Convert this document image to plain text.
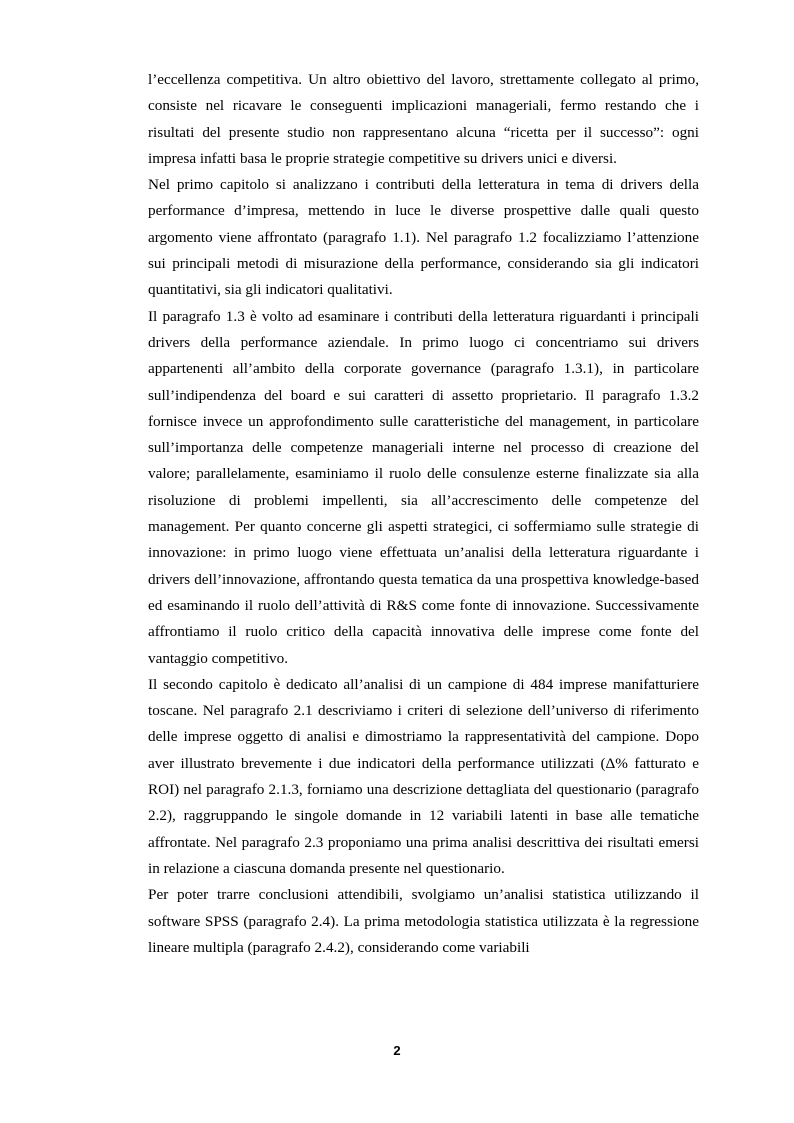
l’eccellenza competitiva. Un altro obiettivo del lavoro, strettamente collegato al primo, consiste nel ricavare le conseguenti implicazioni manageriali, fermo restando che i risultati del presente studio non rappresentano alcuna “ricetta per il successo”: ogni impresa infatti basa le proprie strategie competitive su drivers unici e diversi.

Nel primo capitolo si analizzano i contributi della letteratura in tema di drivers della performance d’impresa, mettendo in luce le diverse prospettive dalle quali questo argomento viene affrontato (paragrafo 1.1). Nel paragrafo 1.2 focalizziamo l’attenzione sui principali metodi di misurazione della performance, considerando sia gli indicatori quantitativi, sia gli indicatori qualitativi.

Il paragrafo 1.3 è volto ad esaminare i contributi della letteratura riguardanti i principali drivers della performance aziendale. In primo luogo ci concentriamo sui drivers appartenenti all’ambito della corporate governance (paragrafo 1.3.1), in particolare sull’indipendenza del board e sui caratteri di assetto proprietario. Il paragrafo 1.3.2 fornisce invece un approfondimento sulle caratteristiche del management, in particolare sull’importanza delle competenze manageriali interne nel processo di creazione del valore; parallelamente, esaminiamo il ruolo delle consulenze esterne finalizzate sia alla risoluzione di problemi impellenti, sia all’accrescimento delle competenze del management. Per quanto concerne gli aspetti strategici, ci soffermiamo sulle strategie di innovazione: in primo luogo viene effettuata un’analisi della letteratura riguardante i drivers dell’innovazione, affrontando questa tematica da una prospettiva knowledge-based ed esaminando il ruolo dell’attività di R&S come fonte di innovazione. Successivamente affrontiamo il ruolo critico della capacità innovativa delle imprese come fonte del vantaggio competitivo.

Il secondo capitolo è dedicato all’analisi di un campione di 484 imprese manifatturiere toscane. Nel paragrafo 2.1 descriviamo i criteri di selezione dell’universo di riferimento delle imprese oggetto di analisi e dimostriamo la rappresentatività del campione. Dopo aver illustrato brevemente i due indicatori della performance utilizzati (Δ% fatturato e ROI) nel paragrafo 2.1.3, forniamo una descrizione dettagliata del questionario (paragrafo 2.2), raggruppando le singole domande in 12 variabili latenti in base alle tematiche affrontate. Nel paragrafo 2.3 proponiamo una prima analisi descrittiva dei risultati emersi in relazione a ciascuna domanda presente nel questionario.

Per poter trarre conclusioni attendibili, svolgiamo un’analisi statistica utilizzando il software SPSS (paragrafo 2.4). La prima metodologia statistica utilizzata è la regressione lineare multipla (paragrafo 2.4.2), considerando come variabili

2
